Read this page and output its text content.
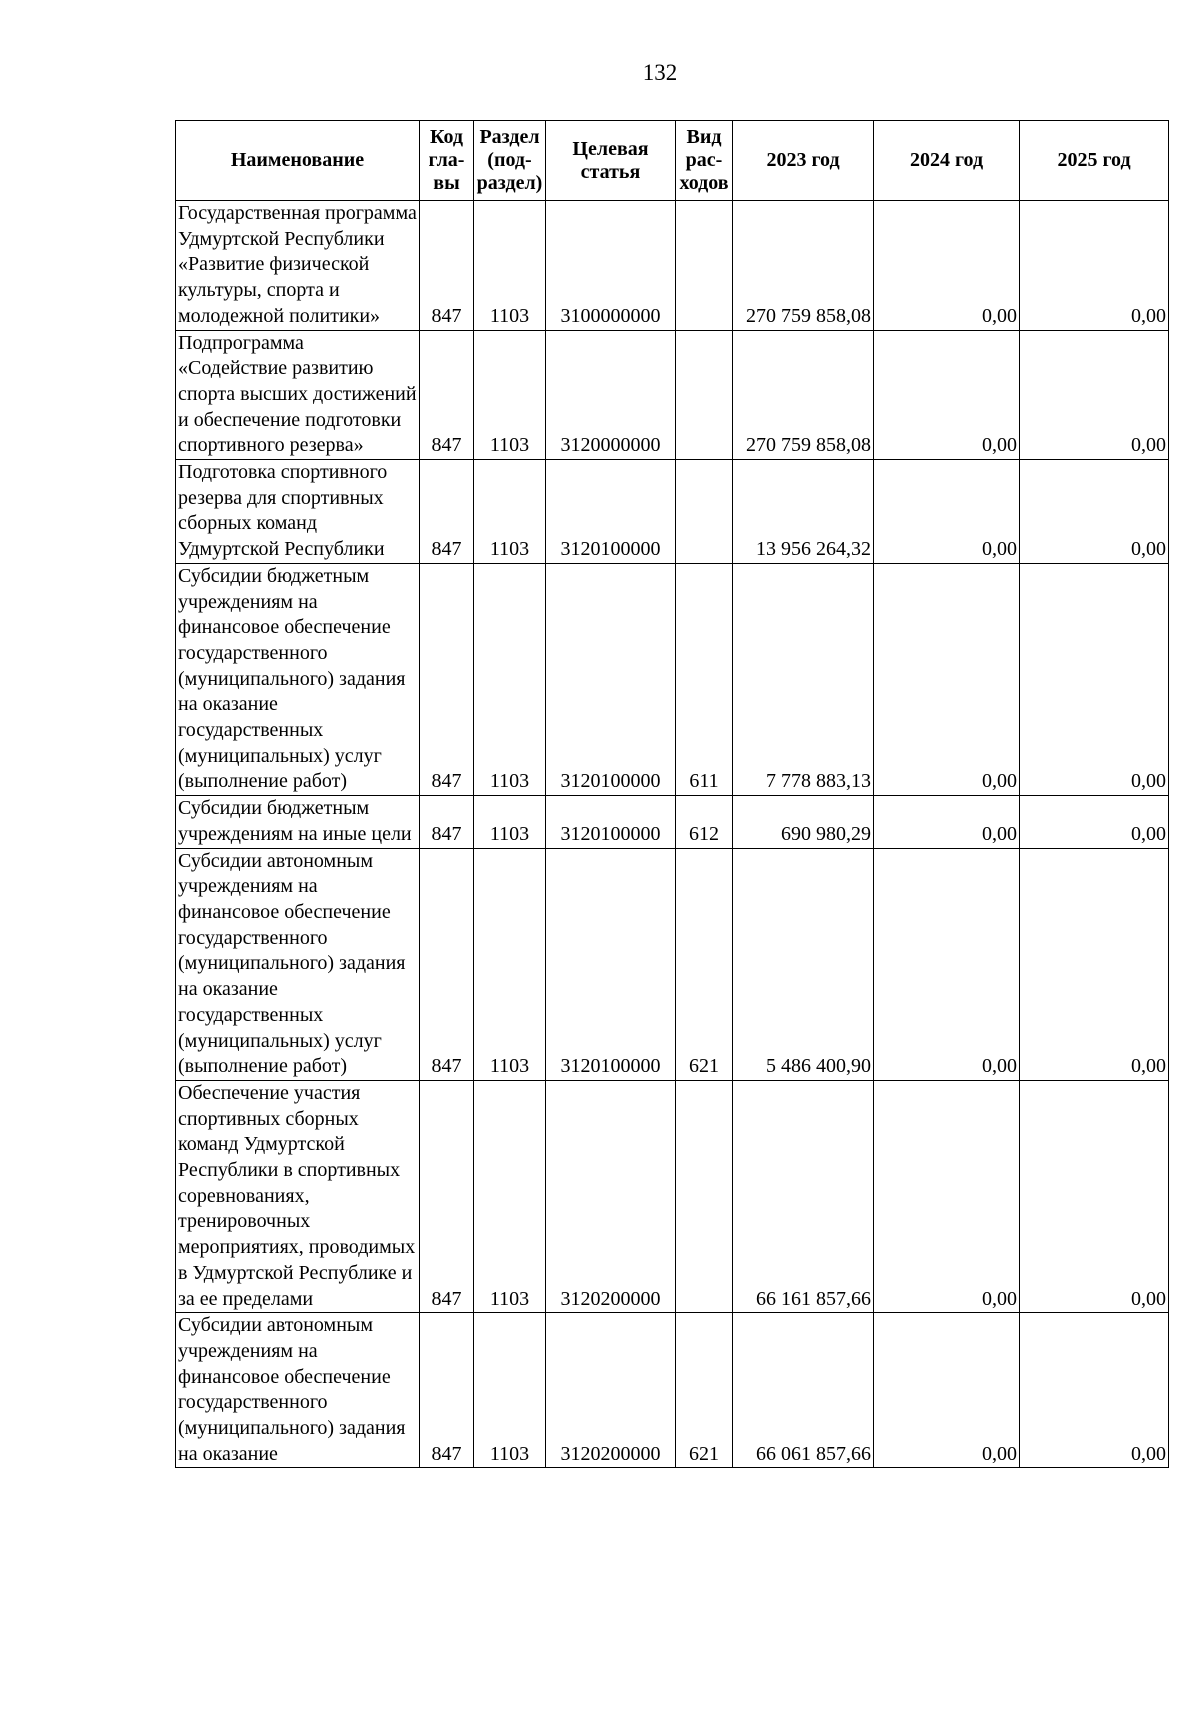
132
Наименование	Код гла-вы	Раздел (под-раздел)	Целевая статья	Вид рас-ходов	2023 год	2024 год	2025 год
Государственная программа Удмуртской Республики «Развитие физической культуры, спорта и молодежной политики»	847	1103	3100000000		270 759 858,08	0,00	0,00
Подпрограмма «Содействие развитию спорта высших достижений и обеспечение подготовки спортивного резерва»	847	1103	3120000000		270 759 858,08	0,00	0,00
Подготовка спортивного резерва для спортивных сборных команд Удмуртской Республики	847	1103	3120100000		13 956 264,32	0,00	0,00
Субсидии бюджетным учреждениям на финансовое обеспечение государственного (муниципального) задания на оказание государственных (муниципальных) услуг (выполнение работ)	847	1103	3120100000	611	7 778 883,13	0,00	0,00
Субсидии бюджетным учреждениям на иные цели	847	1103	3120100000	612	690 980,29	0,00	0,00
Субсидии автономным учреждениям на финансовое обеспечение государственного (муниципального) задания на оказание государственных (муниципальных) услуг (выполнение работ)	847	1103	3120100000	621	5 486 400,90	0,00	0,00
Обеспечение участия спортивных сборных команд Удмуртской Республики в спортивных соревнованиях, тренировочных мероприятиях, проводимых в Удмуртской Республике и за ее пределами	847	1103	3120200000		66 161 857,66	0,00	0,00
Субсидии автономным учреждениям на финансовое обеспечение государственного (муниципального) задания на оказание	847	1103	3120200000	621	66 061 857,66	0,00	0,00
